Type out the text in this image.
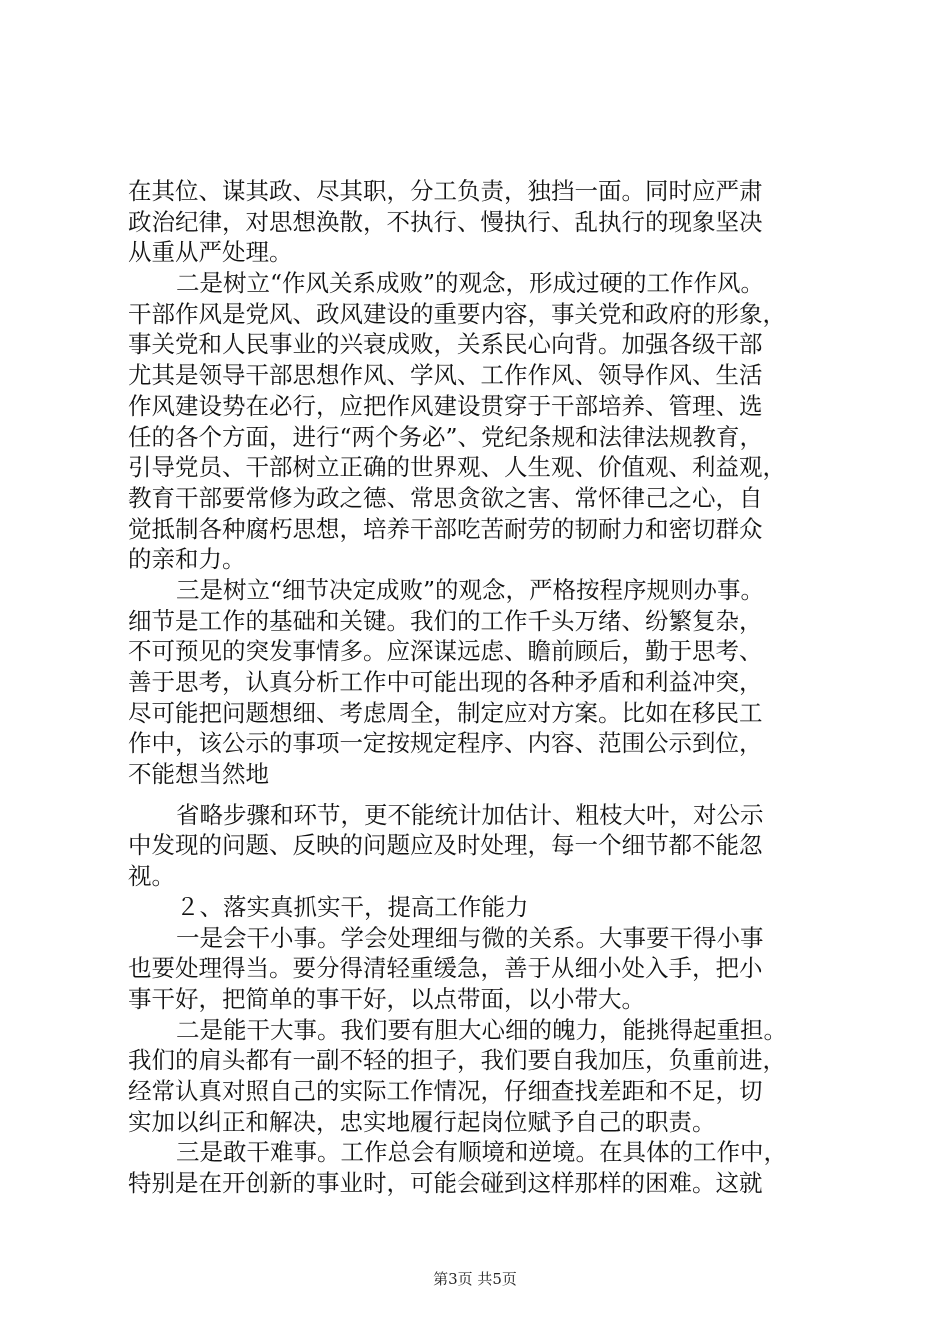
在其位、谋其政、尽其职，分工负责，独挡一面。同时应严肃
政治纪律，对思想涣散，不执行、慢执行、乱执行的现象坚决
从重从严处理。
二是树立“作风关系成败”的观念，形成过硬的工作作风。
干部作风是党风、政风建设的重要内容，事关党和政府的形象，
事关党和人民事业的兴衰成败，关系民心向背。加强各级干部
尤其是领导干部思想作风、学风、工作作风、领导作风、生活
作风建设势在必行，应把作风建设贯穿于干部培养、管理、选
任的各个方面，进行“两个务必”、党纪条规和法律法规教育，
引导党员、干部树立正确的世界观、人生观、价值观、利益观，
教育干部要常修为政之德、常思贪欲之害、常怀律己之心，自
觉抵制各种腐朽思想，培养干部吃苦耐劳的韧耐力和密切群众
的亲和力。
三是树立“细节决定成败”的观念，严格按程序规则办事。
细节是工作的基础和关键。我们的工作千头万绪、纷繁复杂，
不可预见的突发事情多。应深谋远虑、瞻前顾后，勤于思考、
善于思考，认真分析工作中可能出现的各种矛盾和利益冲突，
尽可能把问题想细、考虑周全，制定应对方案。比如在移民工
作中，该公示的事项一定按规定程序、内容、范围公示到位，
不能想当然地
省略步骤和环节，更不能统计加估计、粗枝大叶，对公示
中发现的问题、反映的问题应及时处理，每一个细节都不能忽
视。
２、落实真抓实干，提高工作能力
一是会干小事。学会处理细与微的关系。大事要干得小事
也要处理得当。要分得清轻重缓急，善于从细小处入手，把小
事干好，把简单的事干好，以点带面，以小带大。
二是能干大事。我们要有胆大心细的魄力，能挑得起重担。
我们的肩头都有一副不轻的担子，我们要自我加压，负重前进，
经常认真对照自己的实际工作情况，仔细查找差距和不足，切
实加以纠正和解决，忠实地履行起岗位赋予自己的职责。
三是敢干难事。工作总会有顺境和逆境。在具体的工作中，
特别是在开创新的事业时，可能会碰到这样那样的困难。这就
第3页 共5页
